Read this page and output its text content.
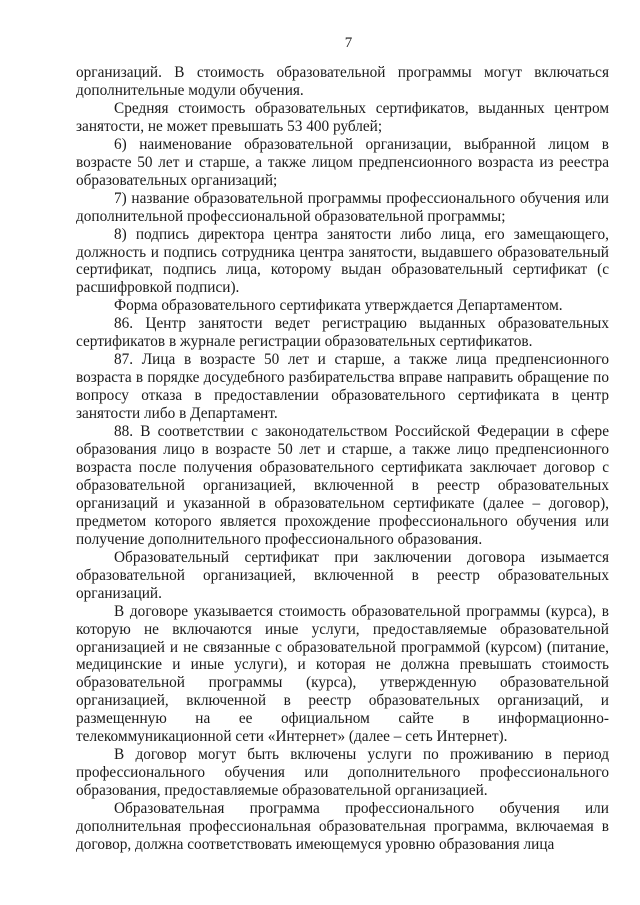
7

организаций. В стоимость образовательной программы могут включаться дополнительные модули обучения.

Средняя стоимость образовательных сертификатов, выданных центром занятости, не может превышать 53 400 рублей;

6) наименование образовательной организации, выбранной лицом в возрасте 50 лет и старше, а также лицом предпенсионного возраста из реестра образовательных организаций;

7) название образовательной программы профессионального обучения или дополнительной профессиональной образовательной программы;

8) подпись директора центра занятости либо лица, его замещающего, должность и подпись сотрудника центра занятости, выдавшего образовательный сертификат, подпись лица, которому выдан образовательный сертификат (с расшифровкой подписи).

Форма образовательного сертификата утверждается Департаментом.

86. Центр занятости ведет регистрацию выданных образовательных сертификатов в журнале регистрации образовательных сертификатов.

87. Лица в возрасте 50 лет и старше, а также лица предпенсионного возраста в порядке досудебного разбирательства вправе направить обращение по вопросу отказа в предоставлении образовательного сертификата в центр занятости либо в Департамент.

88. В соответствии с законодательством Российской Федерации в сфере образования лицо в возрасте 50 лет и старше, а также лицо предпенсионного возраста после получения образовательного сертификата заключает договор с образовательной организацией, включенной в реестр образовательных организаций и указанной в образовательном сертификате (далее – договор), предметом которого является прохождение профессионального обучения или получение дополнительного профессионального образования.

Образовательный сертификат при заключении договора изымается образовательной организацией, включенной в реестр образовательных организаций.

В договоре указывается стоимость образовательной программы (курса), в которую не включаются иные услуги, предоставляемые образовательной организацией и не связанные с образовательной программой (курсом) (питание, медицинские и иные услуги), и которая не должна превышать стоимость образовательной программы (курса), утвержденную образовательной организацией, включенной в реестр образовательных организаций, и размещенную на ее официальном сайте в информационно-телекоммуникационной сети «Интернет» (далее – сеть Интернет).

В договор могут быть включены услуги по проживанию в период профессионального обучения или дополнительного профессионального образования, предоставляемые образовательной организацией.

Образовательная программа профессионального обучения или дополнительная профессиональная образовательная программа, включаемая в договор, должна соответствовать имеющемуся уровню образования лица
